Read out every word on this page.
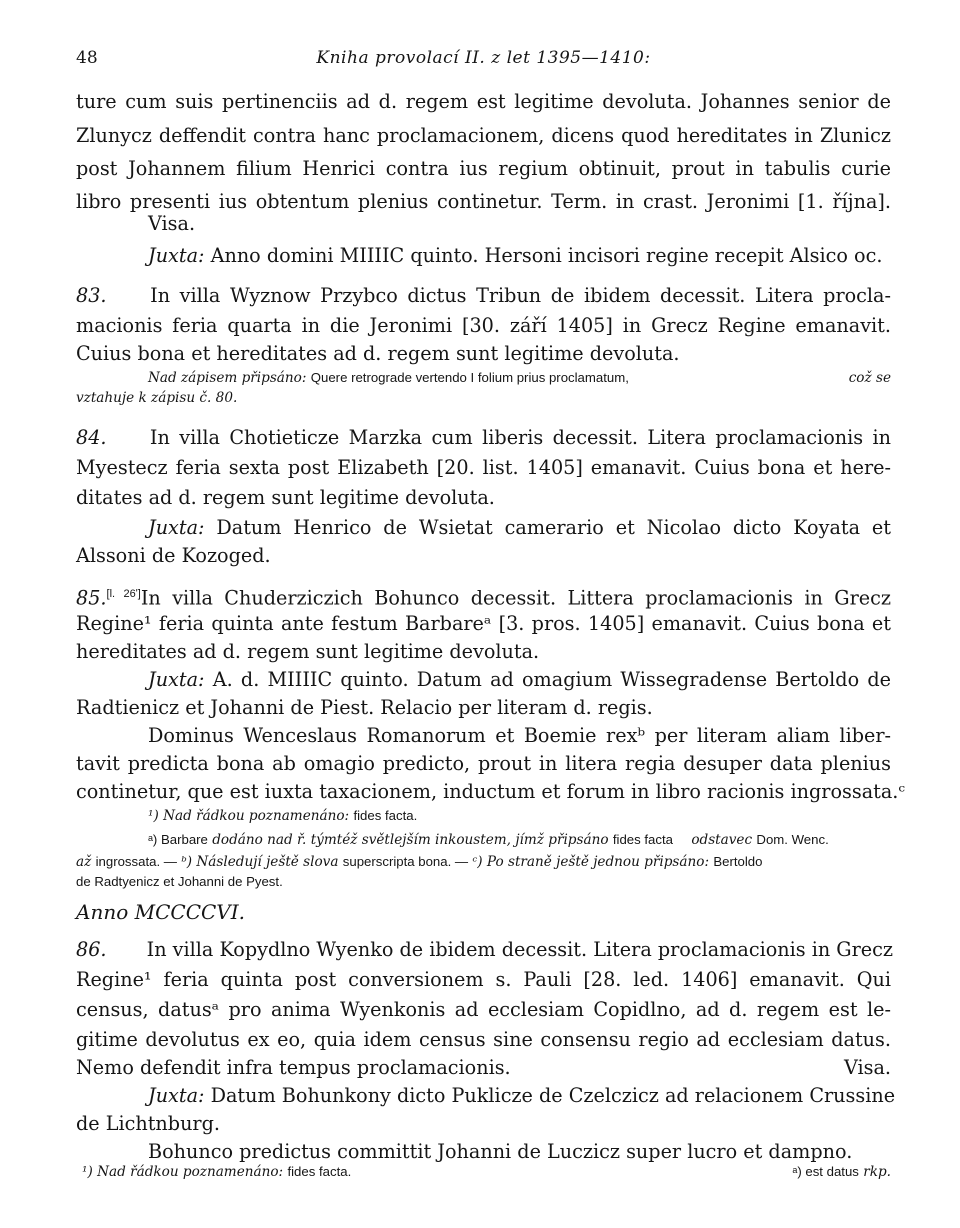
48	Kniha provolací II. z let 1395—1410:
ture cum suis pertinenciis ad d. regem est legitime devoluta. Johannes senior de
Zlunycz deffendit contra hanc proclamacionem, dicens quod hereditates in Zlunicz
post Johannem filium Henrici contra ius regium obtinuit, prout in tabulis curie
libro presenti ius obtentum plenius continetur. Term. in crast. Jeronimi [1. října].
Visa.
Juxta: Anno domini MIIIIC quinto. Hersoni incisori regine recepit Alsico oc.
83. In villa Wyznow Przybco dictus Tribun de ibidem decessit. Litera procla-
macionis feria quarta in die Jeronimi [30. září 1405] in Grecz Regine emanavit.
Cuius bona et hereditates ad d. regem sunt legitime devoluta.
Nad zápisem připsáno: Quere retrograde vertendo I folium prius proclamatum,	což se
vztahuje k zápisu č. 80.
84. In villa Chotieticze Marzka cum liberis decessit. Litera proclamacionis in
Myestecz feria sexta post Elizabeth [20. list. 1405] emanavit. Cuius bona et here-
ditates ad d. regem sunt legitime devoluta.
Juxta: Datum Henrico de Wsietat camerario et Nicolao dicto Koyata et
Alssoni de Kozoged.
85.[l. 26ʹ]In villa Chuderziczich Bohunco decessit. Littera proclamacionis in Grecz
Regine¹ feria quinta ante festum Barbareᵃ [3. pros. 1405] emanavit. Cuius bona et
hereditates ad d. regem sunt legitime devoluta.
Juxta: A. d. MIIIIC quinto. Datum ad omagium Wissegradense Bertoldo de
Radtienicz et Johanni de Piest. Relacio per literam d. regis.
Dominus Wenceslaus Romanorum et Boemie rexᵇ per literam aliam liber-
tavit predicta bona ab omagio predicto, prout in litera regia desuper data plenius
continetur, que est iuxta taxacionem, inductum et forum in libro racionis ingrossata.ᶜ
¹) Nad řádkou poznamenáno: fides facta.
ᵃ) Barbare dodáno nad ř. týmtéž světlejším inkoustem, jímž připsáno fides facta odstavec Dom. Wenc.
až ingrossata. — ᵇ) Následují ještě slova superscripta bona. — ᶜ) Po straně ještě jednou připsáno: Bertoldo
de Radtyenicz et Johanni de Pyest.
Anno MCCCCVI.
86. In villa Kopydlno Wyenko de ibidem decessit. Litera proclamacionis in Grecz
Regine¹ feria quinta post conversionem s. Pauli [28. led. 1406] emanavit. Qui
census, datusᵃ pro anima Wyenkonis ad ecclesiam Copidlno, ad d. regem est le-
gitime devolutus ex eo, quia idem census sine consensu regio ad ecclesiam datus.
Nemo defendit infra tempus proclamacionis.	Visa.
Juxta: Datum Bohunkony dicto Puklicze de Czelczicz ad relacionem Crussine
de Lichtnburg.
Bohunco predictus committit Johanni de Luczicz super lucro et dampno.
¹) Nad řádkou poznamenáno: fides facta.	ᵃ) est datus rkp.
